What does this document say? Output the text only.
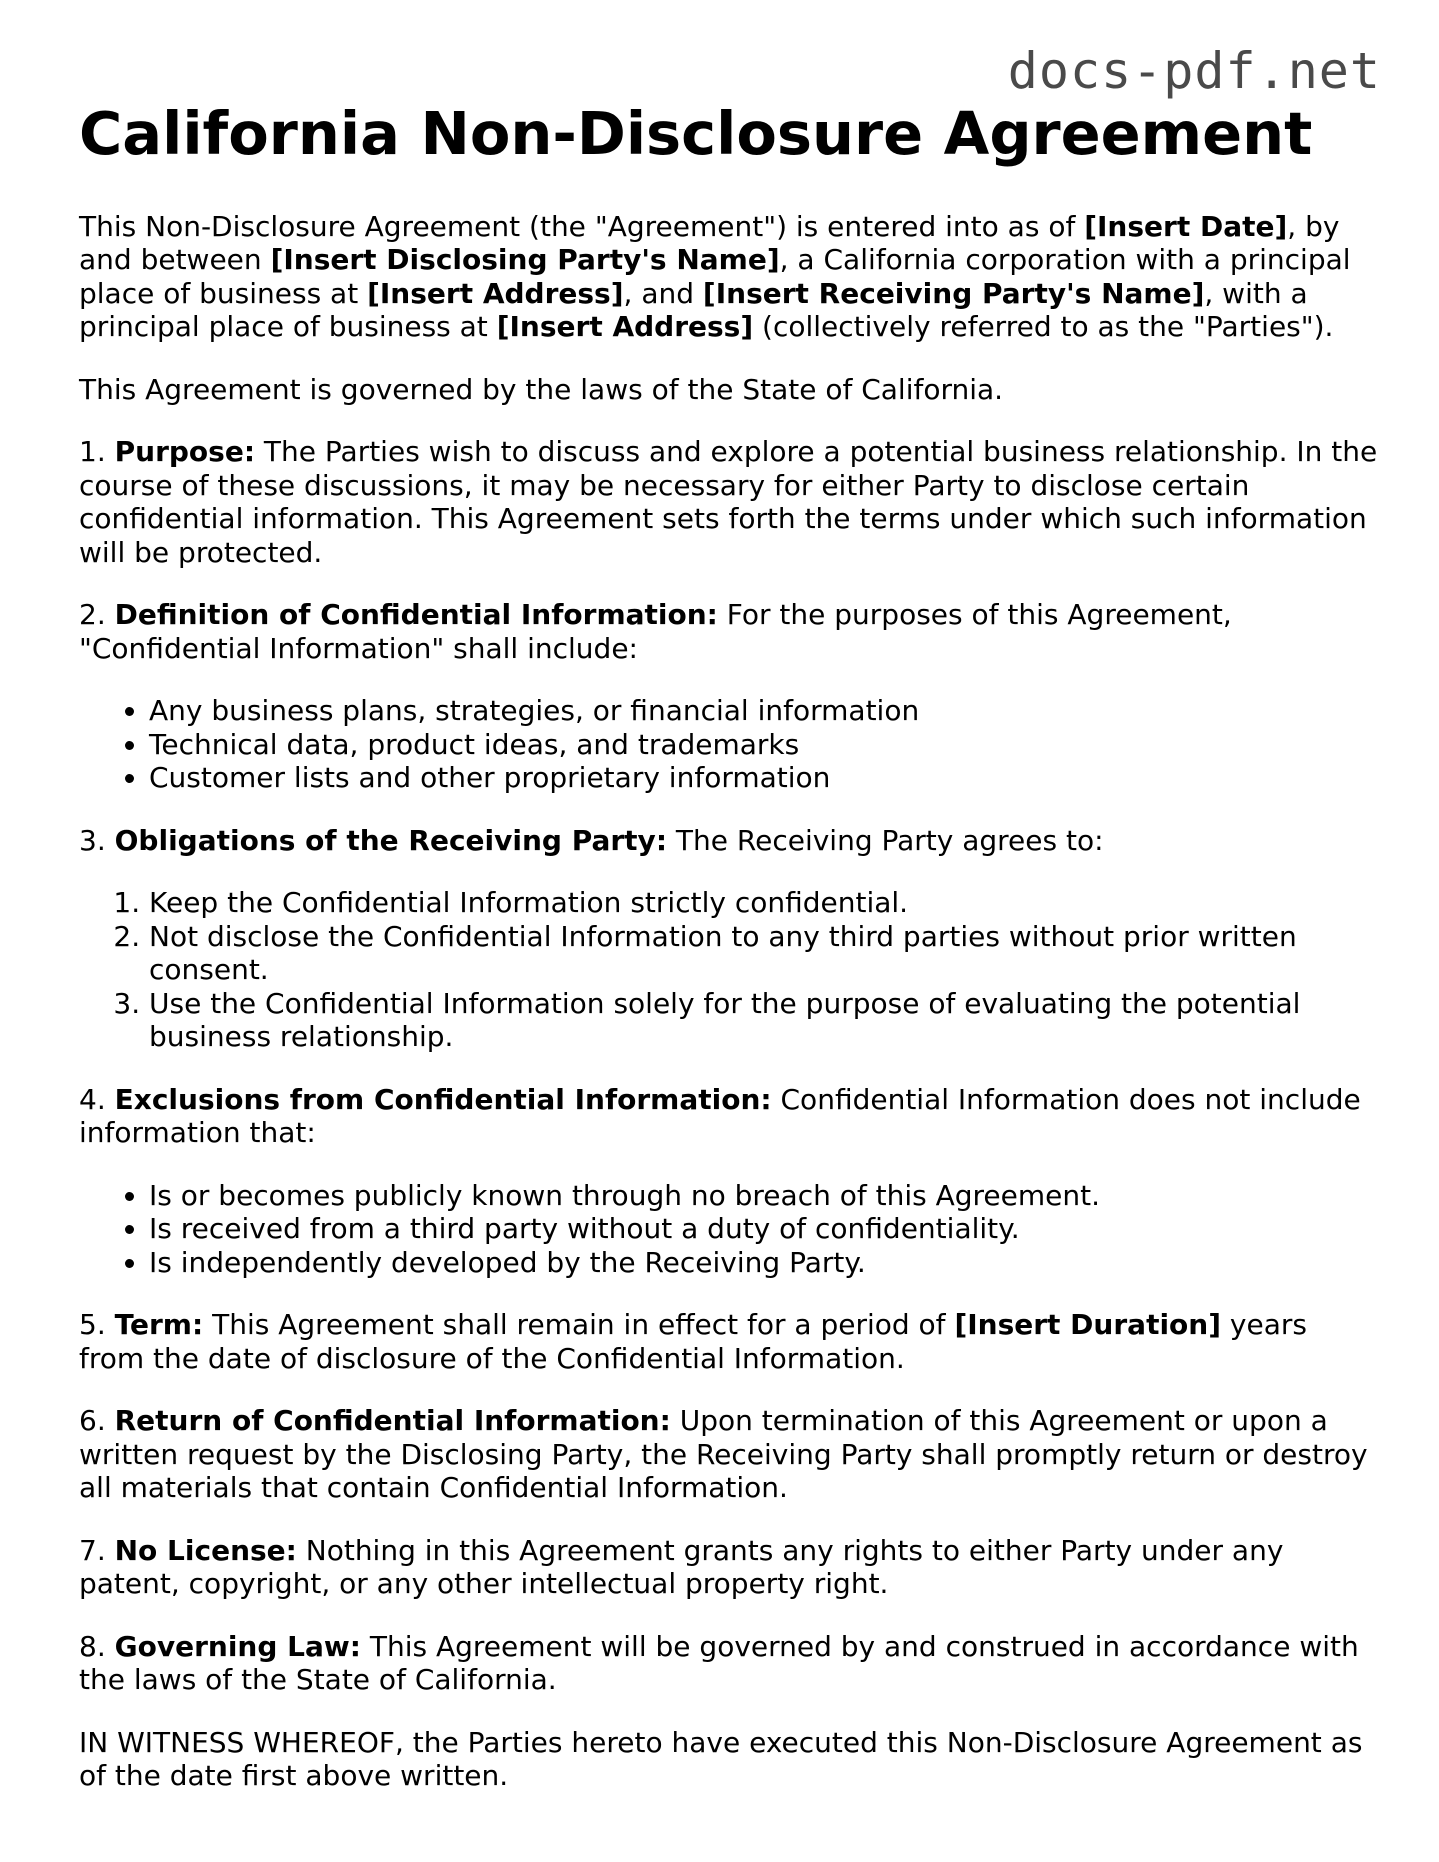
docs-pdf.net
California Non-Disclosure Agreement

This Non-Disclosure Agreement (the "Agreement") is entered into as of [Insert Date], by and between [Insert Disclosing Party's Name], a California corporation with a principal place of business at [Insert Address], and [Insert Receiving Party's Name], with a principal place of business at [Insert Address] (collectively referred to as the "Parties").

This Agreement is governed by the laws of the State of California.

1. Purpose: The Parties wish to discuss and explore a potential business relationship. In the course of these discussions, it may be necessary for either Party to disclose certain confidential information. This Agreement sets forth the terms under which such information will be protected.

2. Definition of Confidential Information: For the purposes of this Agreement, "Confidential Information" shall include:

• Any business plans, strategies, or financial information
• Technical data, product ideas, and trademarks
• Customer lists and other proprietary information

3. Obligations of the Receiving Party: The Receiving Party agrees to:

1. Keep the Confidential Information strictly confidential.
2. Not disclose the Confidential Information to any third parties without prior written consent.
3. Use the Confidential Information solely for the purpose of evaluating the potential business relationship.

4. Exclusions from Confidential Information: Confidential Information does not include information that:

• Is or becomes publicly known through no breach of this Agreement.
• Is received from a third party without a duty of confidentiality.
• Is independently developed by the Receiving Party.

5. Term: This Agreement shall remain in effect for a period of [Insert Duration] years from the date of disclosure of the Confidential Information.

6. Return of Confidential Information: Upon termination of this Agreement or upon a written request by the Disclosing Party, the Receiving Party shall promptly return or destroy all materials that contain Confidential Information.

7. No License: Nothing in this Agreement grants any rights to either Party under any patent, copyright, or any other intellectual property right.

8. Governing Law: This Agreement will be governed by and construed in accordance with the laws of the State of California.

IN WITNESS WHEREOF, the Parties hereto have executed this Non-Disclosure Agreement as of the date first above written.
